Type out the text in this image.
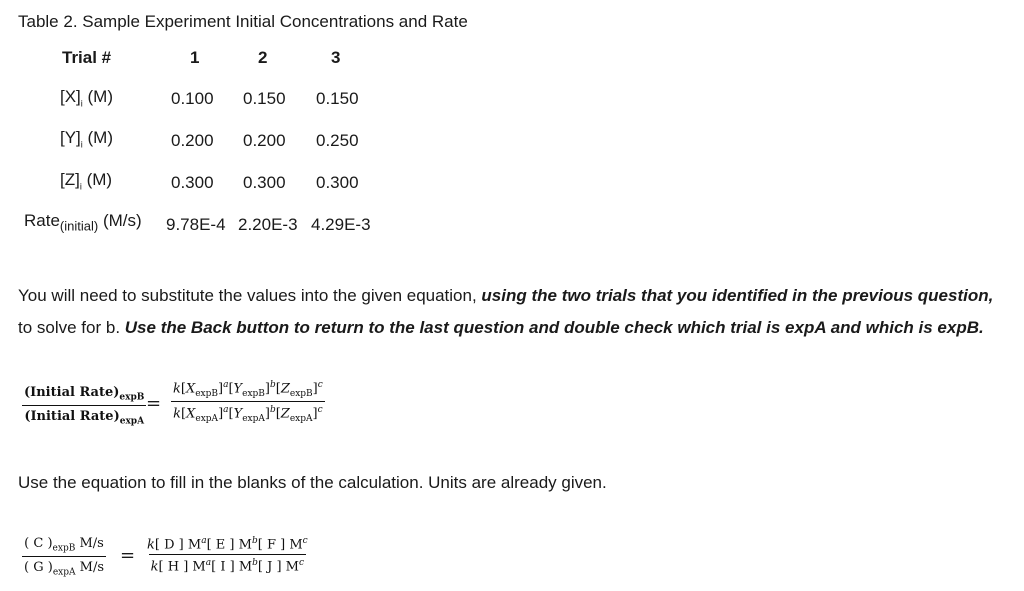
Table 2. Sample Experiment Initial Concentrations and Rate
Trial #	1	2	3
$[X]_i$ (M)	0.100 0.150 0.150
$[Y]_i$ (M)	0.200 0.200 0.250
$[Z]_i$ (M)	0.300 0.300 0.300
Rate$_{(initial)}$ (M/s) 9.78E-4 2.20E-3 4.29E-3
You will need to substitute the values into the given equation, using the two trials that you identified in the previous question,
to solve for b. Use the Back button to return to the last question and double check which trial is expA and which is expB.
(Initial $Rate)_{expB}$
(Initial $Rate)_{expA}$
= $\frac{k[X_{expB}]^a[Y_{expB}]^b[Z_{expB}]^c}{k[X_{expA}]^a[Y_{expA}]^b[Z_{expA}]^c}$
Use the equation to fill in the blanks of the calculation. Units are already given.
$\frac{( C )_{expB} M/s}{( G )_{expA} M/s} = \frac{k[ D ] M^a[ E ] M^b[ F ] M^c}{k[ H ] M^a[ I ] M^b[ J ] M^c}$
